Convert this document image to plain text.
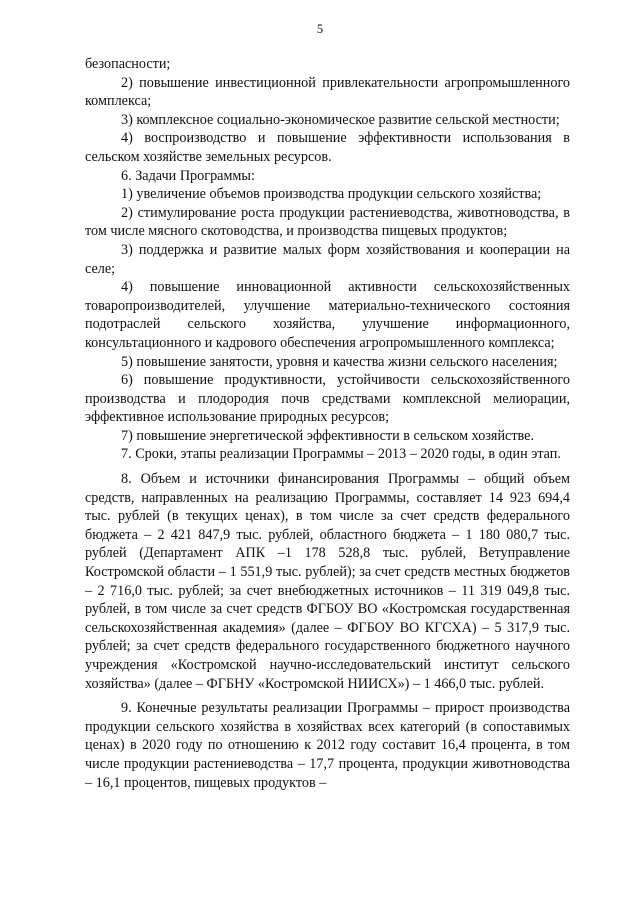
5

безопасности;

2) повышение инвестиционной привлекательности агропромышленного комплекса;

3) комплексное социально-экономическое развитие сельской местности;

4) воспроизводство и повышение эффективности использования в сельском хозяйстве земельных ресурсов.

6. Задачи Программы:

1) увеличение объемов производства продукции сельского хозяйства;

2) стимулирование роста продукции растениеводства, животноводства, в том числе мясного скотоводства, и производства пищевых продуктов;

3) поддержка и развитие малых форм хозяйствования и кооперации на селе;

4) повышение инновационной активности сельскохозяйственных товаропроизводителей, улучшение материально-технического состояния подотраслей сельского хозяйства, улучшение информационного, консультационного и кадрового обеспечения агропромышленного комплекса;

5) повышение занятости, уровня и качества жизни сельского населения;

6) повышение продуктивности, устойчивости сельскохозяйственного производства и плодородия почв средствами комплексной мелиорации, эффективное использование природных ресурсов;

7) повышение энергетической эффективности в сельском хозяйстве.

7. Сроки, этапы реализации Программы – 2013 – 2020 годы, в один этап.

8. Объем и источники финансирования Программы – общий объем средств, направленных на реализацию Программы, составляет 14 923 694,4 тыс. рублей (в текущих ценах), в том числе за счет средств федерального бюджета – 2 421 847,9 тыс. рублей, областного бюджета – 1 180 080,7 тыс. рублей (Департамент АПК –1 178 528,8 тыс. рублей, Ветуправление Костромской области – 1 551,9 тыс. рублей); за счет средств местных бюджетов – 2 716,0 тыс. рублей; за счет внебюджетных источников – 11 319 049,8 тыс. рублей, в том числе за счет средств ФГБОУ ВО «Костромская государственная сельскохозяйственная академия» (далее – ФГБОУ ВО КГСХА) – 5 317,9 тыс. рублей; за счет средств федерального государственного бюджетного научного учреждения «Костромской научно-исследовательский институт сельского хозяйства» (далее – ФГБНУ «Костромской НИИСХ») – 1 466,0 тыс. рублей.

9. Конечные результаты реализации Программы – прирост производства продукции сельского хозяйства в хозяйствах всех категорий (в сопоставимых ценах) в 2020 году по отношению к 2012 году составит 16,4 процента, в том числе продукции растениеводства – 17,7 процента, продукции животноводства – 16,1 процентов, пищевых продуктов –
